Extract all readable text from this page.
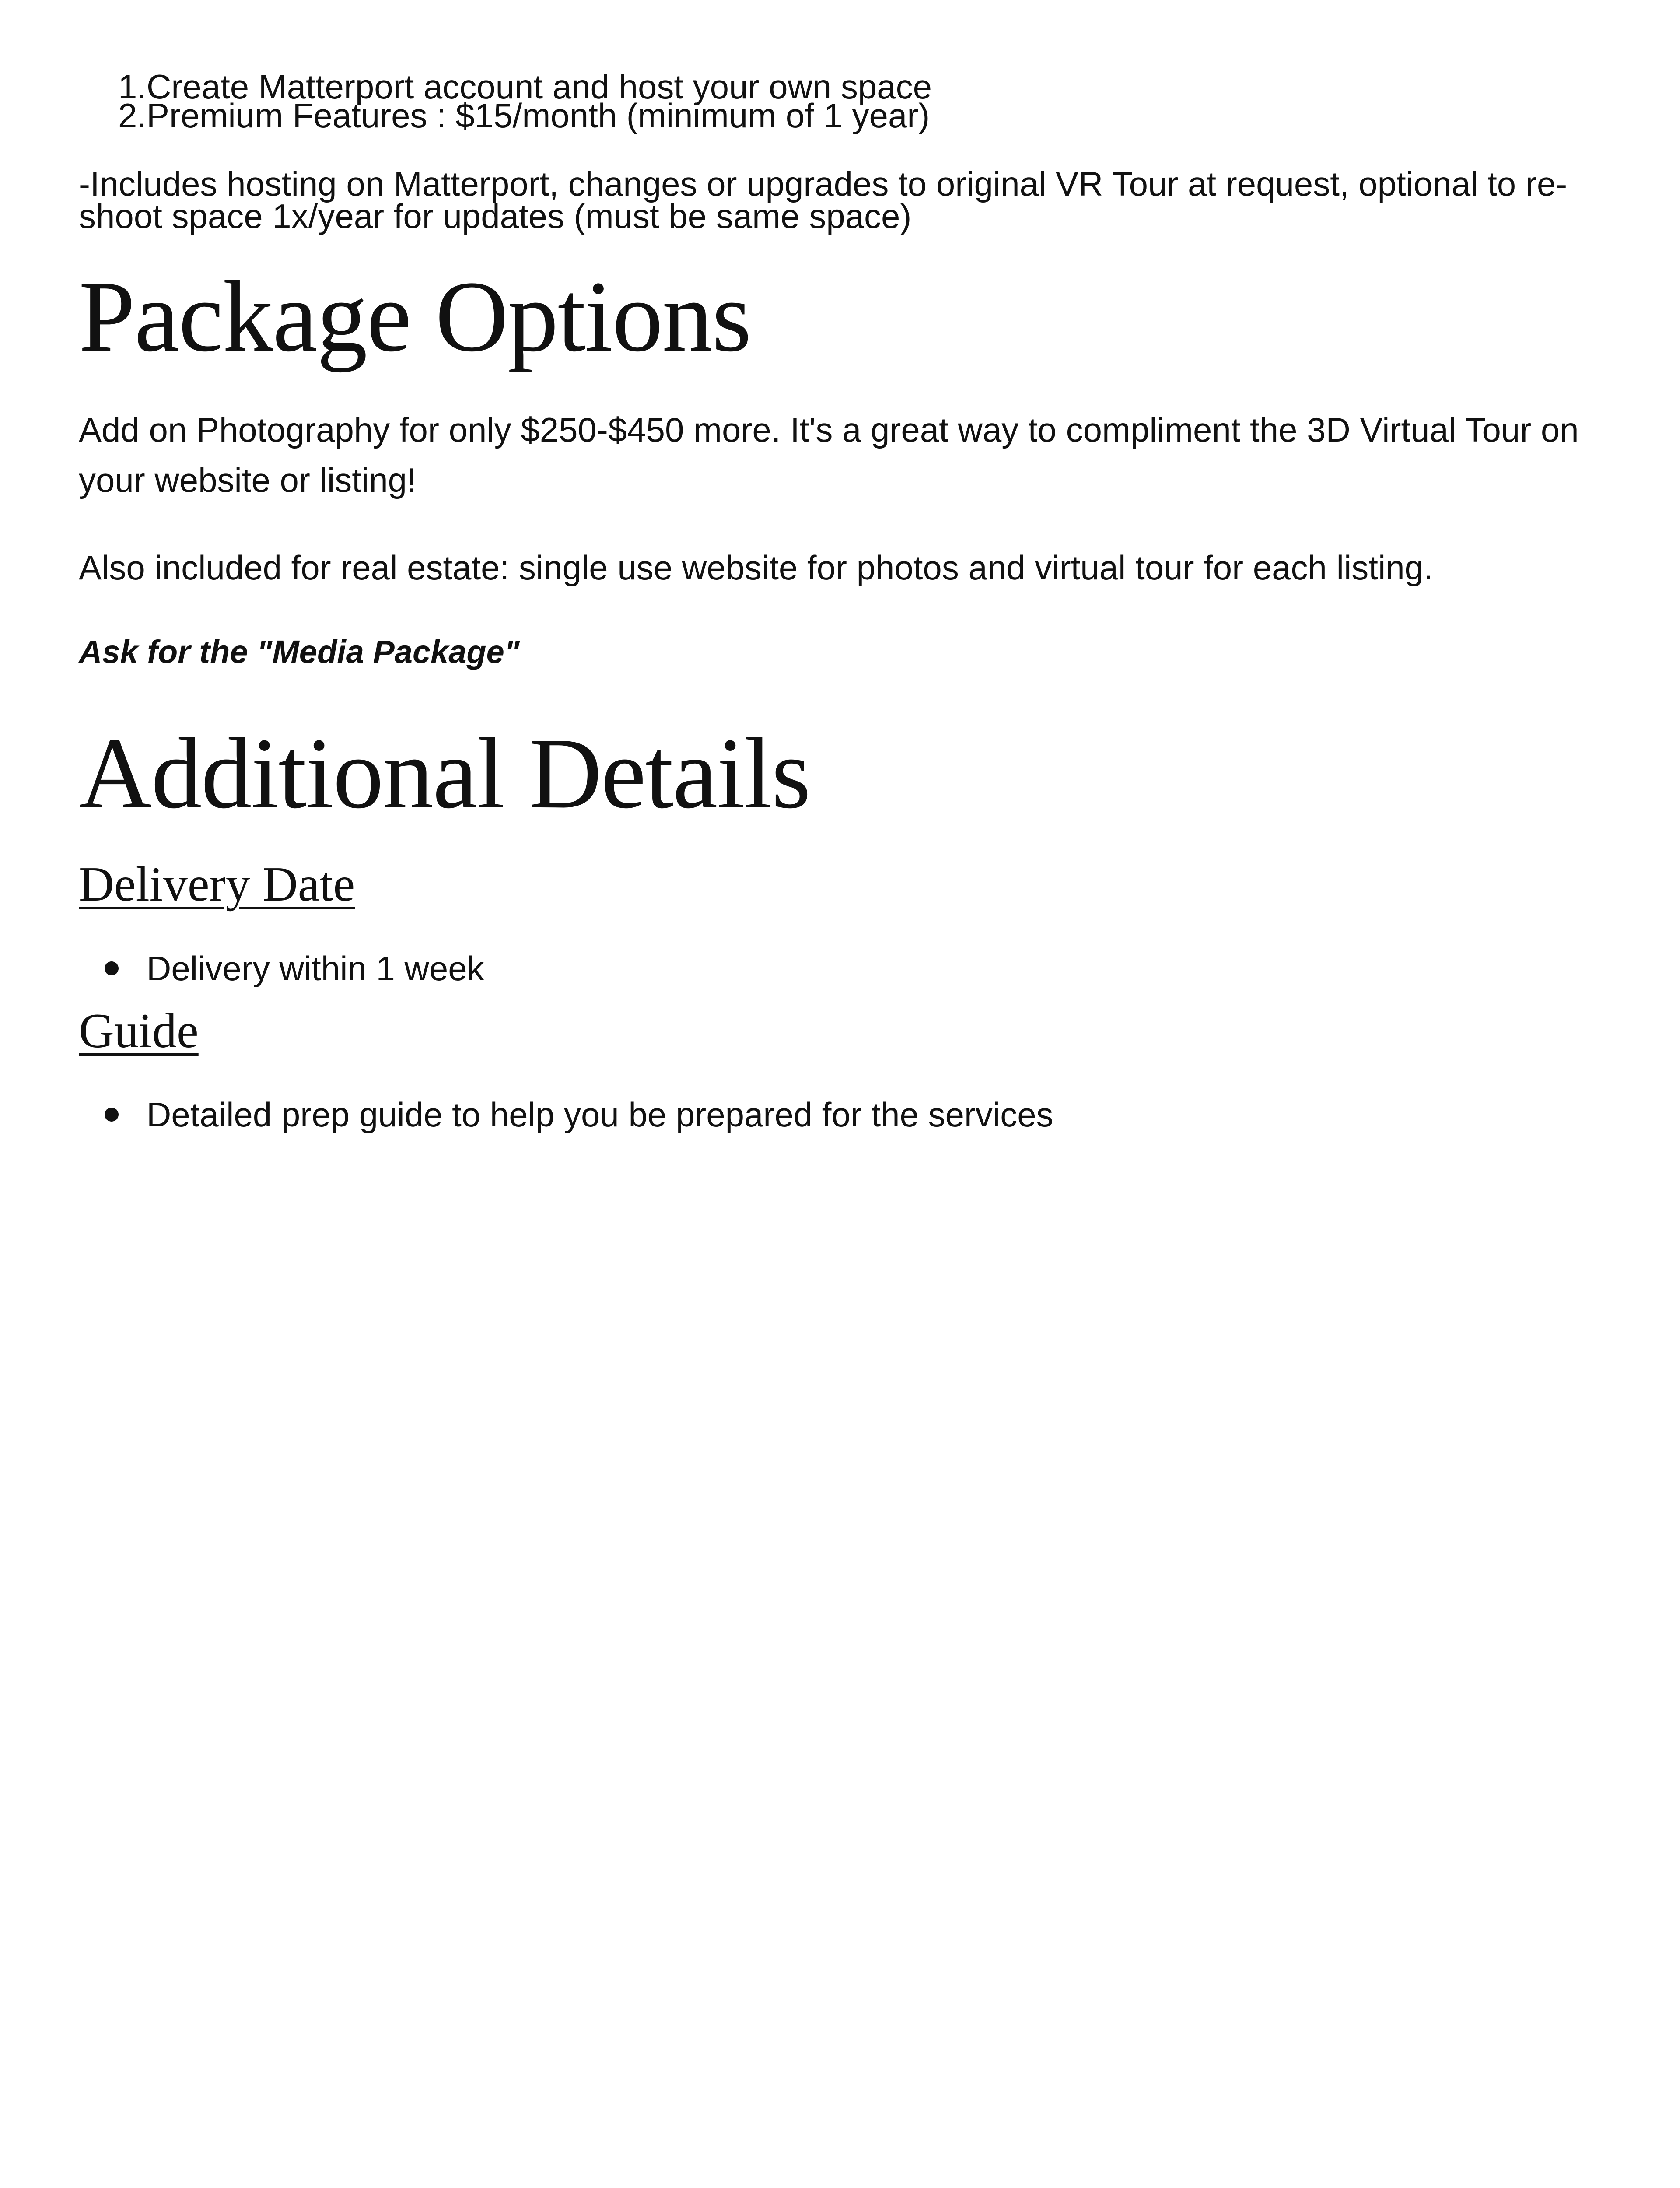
1. Create Matterport account and host your own space
2. Premium Features : $15/month (minimum of 1 year)

-Includes hosting on Matterport, changes or upgrades to original VR Tour at request, optional to re-shoot space 1x/year for updates (must be same space)

Package Options

Add on Photography for only $250-$450 more. It's a great way to compliment the 3D Virtual Tour on your website or listing!

Also included for real estate: single use website for photos and virtual tour for each listing.

Ask for the "Media Package"

Additional Details
Delivery Date
Delivery within 1 week
Guide
Detailed prep guide to help you be prepared for the services
